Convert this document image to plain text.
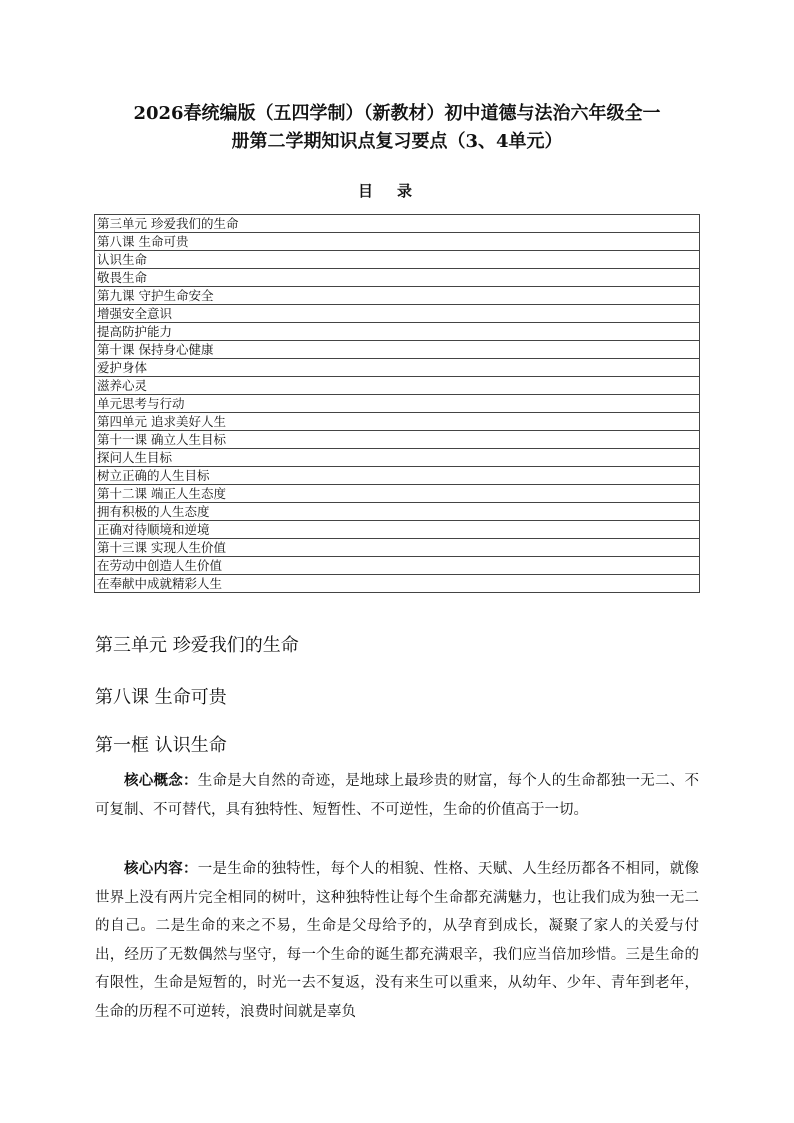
2026春统编版（五四学制）（新教材）初中道德与法治六年级全一
册第二学期知识点复习要点（3、4单元）
目录
第三单元 珍爱我们的生命
第八课 生命可贵
认识生命
敬畏生命
第九课 守护生命安全
增强安全意识
提高防护能力
第十课 保持身心健康
爱护身体
滋养心灵
单元思考与行动
第四单元 追求美好人生
第十一课 确立人生目标
探问人生目标
树立正确的人生目标
第十二课 端正人生态度
拥有积极的人生态度
正确对待顺境和逆境
第十三课 实现人生价值
在劳动中创造人生价值
在奉献中成就精彩人生
第三单元 珍爱我们的生命
第八课 生命可贵
第一框 认识生命

核心概念：生命是大自然的奇迹，是地球上最珍贵的财富，每个人的生命都独一无二、不可复制、不可替代，具有独特性、短暂性、不可逆性，生命的价值高于一切。

核心内容：一是生命的独特性，每个人的相貌、性格、天赋、人生经历都各不相同，就像世界上没有两片完全相同的树叶，这种独特性让每个生命都充满魅力，也让我们成为独一无二的自己。二是生命的来之不易，生命是父母给予的，从孕育到成长，凝聚了家人的关爱与付出，经历了无数偶然与坚守，每一个生命的诞生都充满艰辛，我们应当倍加珍惜。三是生命的有限性，生命是短暂的，时光一去不复返，没有来生可以重来，从幼年、少年、青年到老年，生命的历程不可逆转，浪费时间就是辜负
